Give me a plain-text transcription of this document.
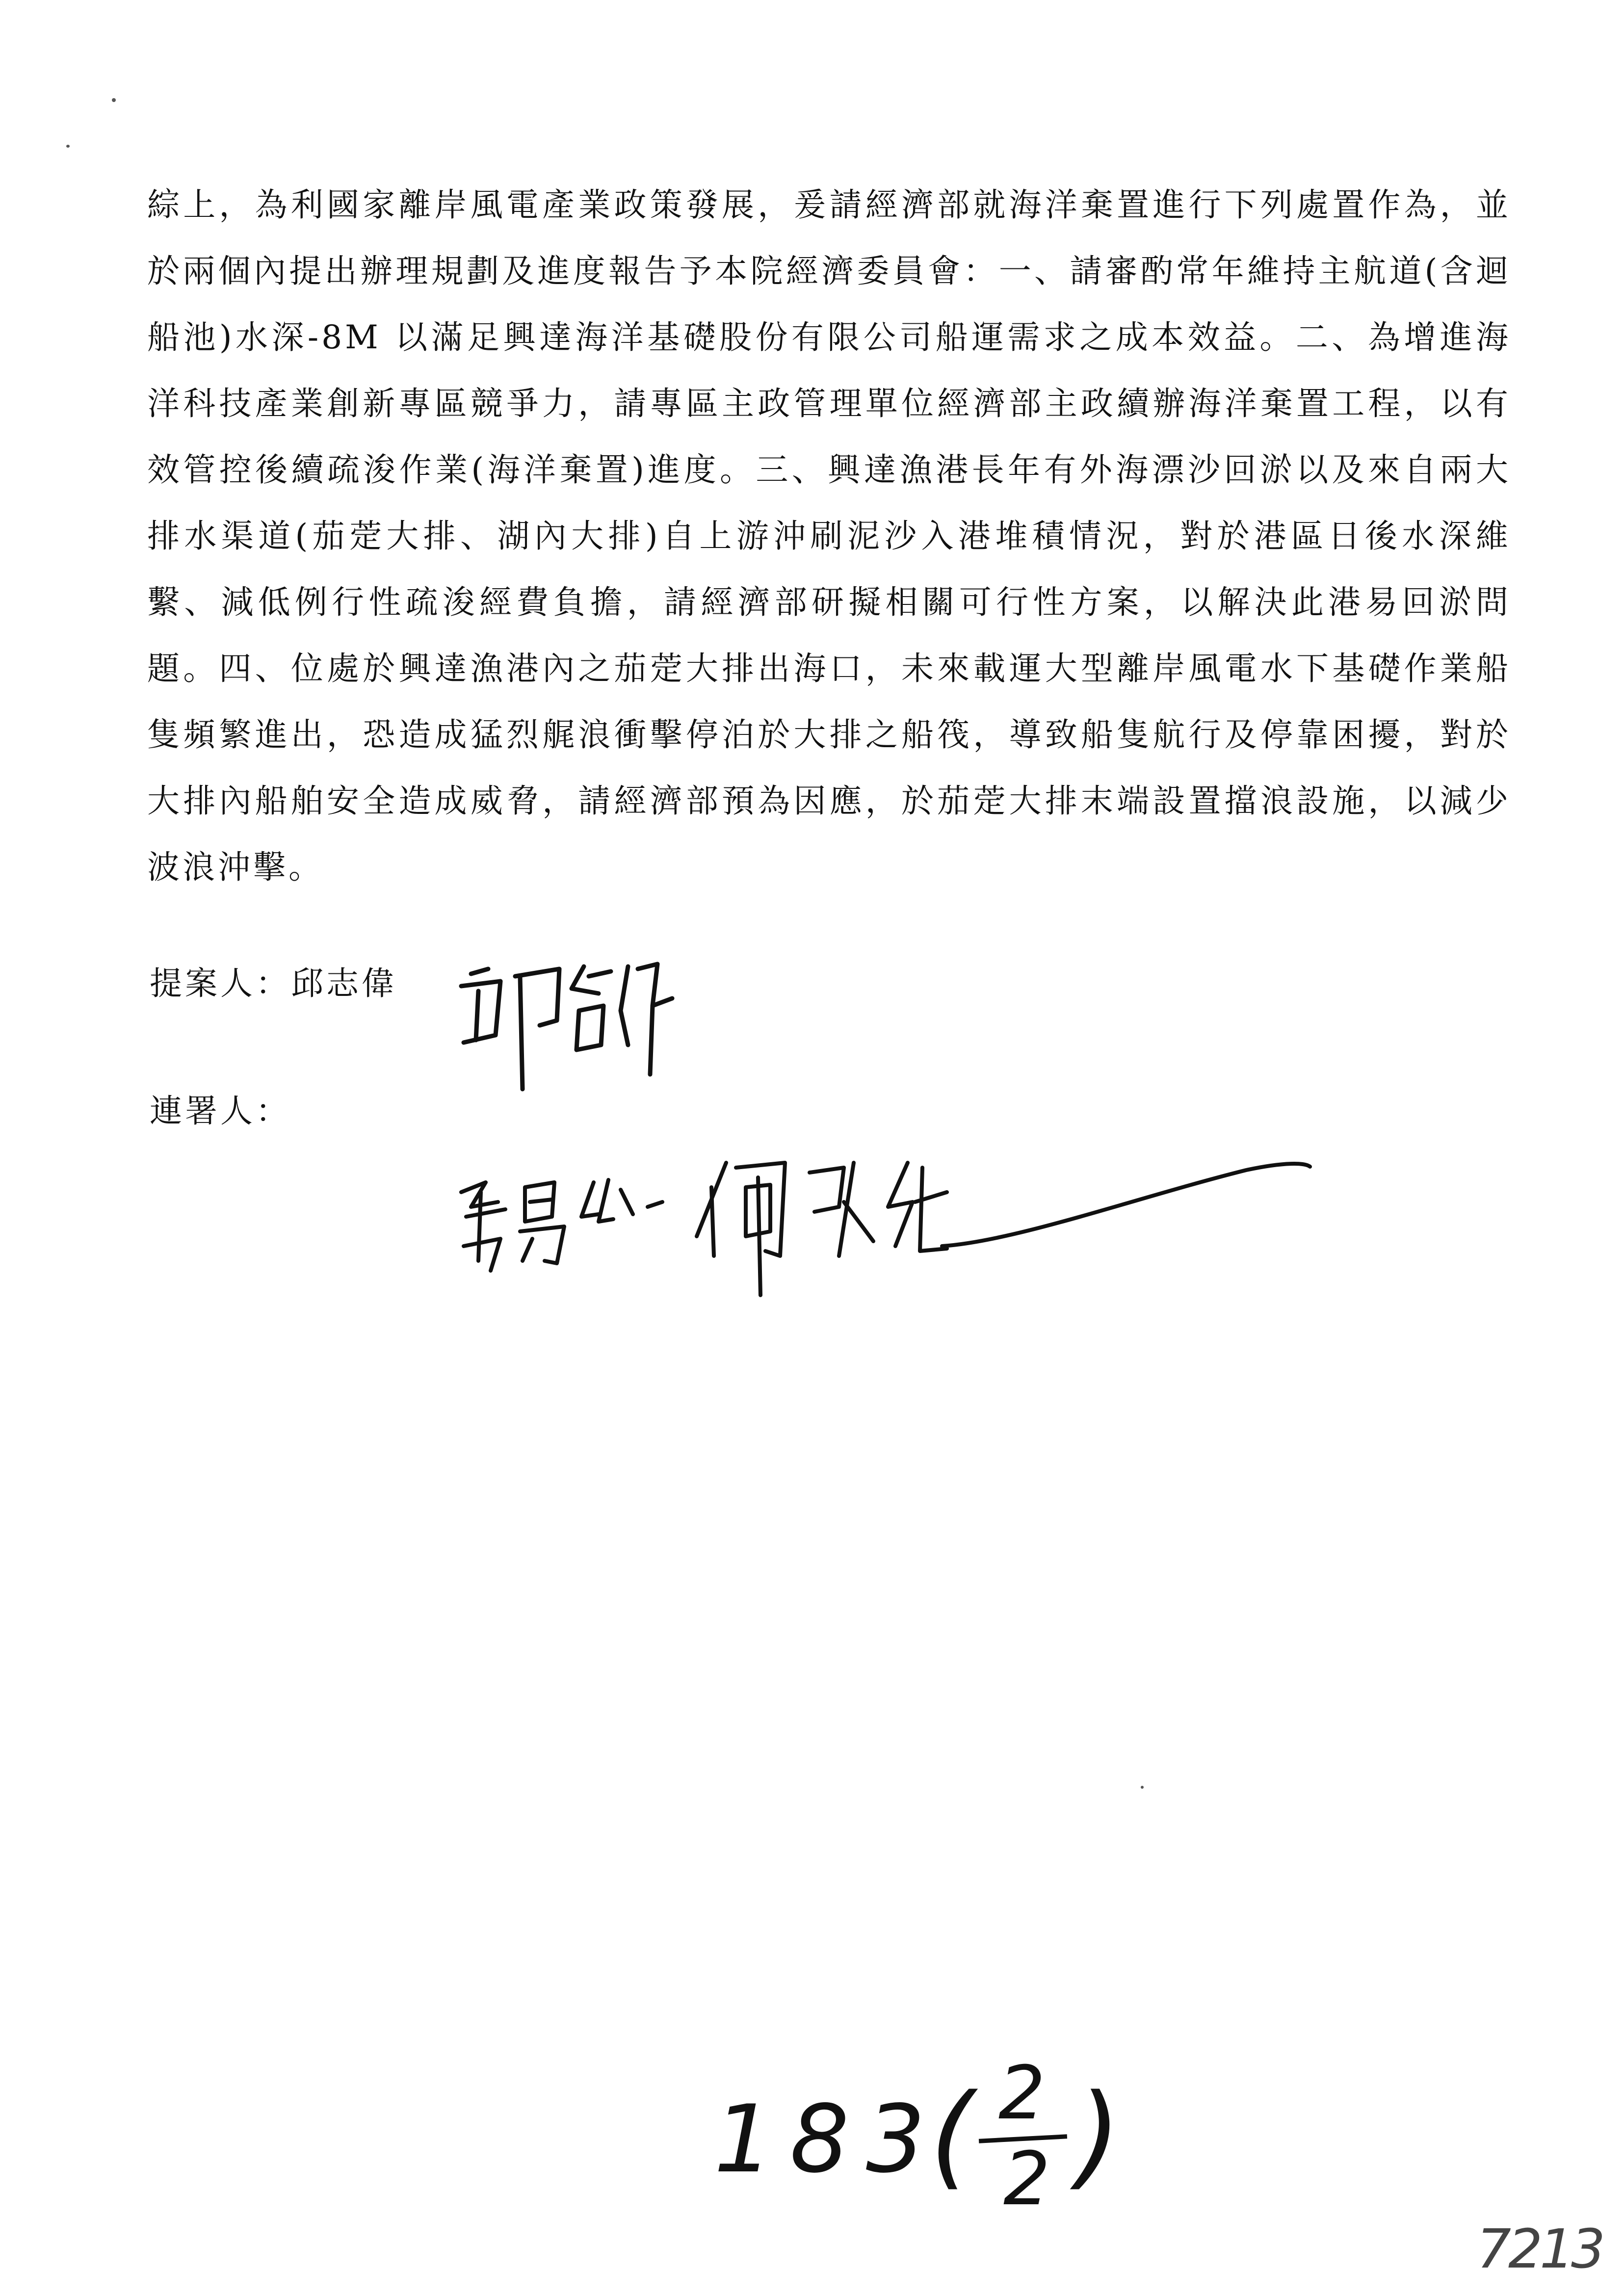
綜上，為利國家離岸風電產業政策發展，爰請經濟部就海洋棄置進行下列處置作為，並於兩個內提出辦理規劃及進度報告予本院經濟委員會：一、請審酌常年維持主航道(含迴船池)水深-8M 以滿足興達海洋基礎股份有限公司船運需求之成本效益。二、為增進海洋科技產業創新專區競爭力，請專區主政管理單位經濟部主政續辦海洋棄置工程，以有效管控後續疏浚作業(海洋棄置)進度。三、興達漁港長年有外海漂沙回淤以及來自兩大排水渠道(茄萣大排、湖內大排)自上游沖刷泥沙入港堆積情況，對於港區日後水深維繫、減低例行性疏浚經費負擔，請經濟部研擬相關可行性方案，以解決此港易回淤問題。四、位處於興達漁港內之茄萣大排出海口，未來載運大型離岸風電水下基礎作業船隻頻繁進出，恐造成猛烈艉浪衝擊停泊於大排之船筏，導致船隻航行及停靠困擾，對於大排內船舶安全造成威脅，請經濟部預為因應，於茄萣大排末端設置擋浪設施，以減少波浪沖擊。

提案人：邱志偉
連署人：
183
( 2
2 )
7213
